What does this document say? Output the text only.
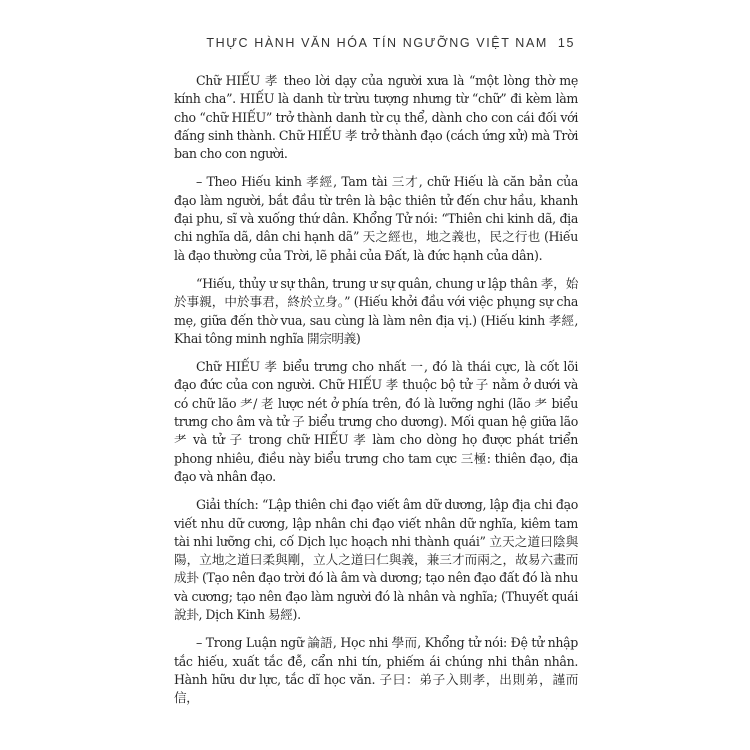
THỰC HÀNH VĂN HÓA TÍN NGƯỠNG VIỆT NAM 15

Chữ HIẾU 孝 theo lời dạy của người xưa là “một lòng thờ mẹ kính cha”. HIẾU là danh từ trừu tượng nhưng từ “chữ” đi kèm làm cho “chữ HIẾU” trở thành danh từ cụ thể, dành cho con cái đối với đấng sinh thành. Chữ HIẾU 孝 trở thành đạo (cách ứng xử) mà Trời ban cho con người.

– Theo Hiếu kinh 孝經, Tam tài 三才, chữ Hiếu là căn bản của đạo làm người, bắt đầu từ trên là bậc thiên tử đến chư hầu, khanh đại phu, sĩ và xuống thứ dân. Khổng Tử nói: “Thiên chi kinh dã, địa chi nghĩa dã, dân chi hạnh dã” 天之經也，地之義也，民之行也 (Hiếu là đạo thường của Trời, lẽ phải của Đất, là đức hạnh của dân).

“Hiếu, thủy ư sự thân, trung ư sự quân, chung ư lập thân 孝，始於事親，中於事君，終於立身。” (Hiếu khởi đầu với việc phụng sự cha mẹ, giữa đến thờ vua, sau cùng là làm nên địa vị.) (Hiếu kinh 孝經, Khai tông minh nghĩa 開宗明義)

Chữ HIẾU 孝 biểu trưng cho nhất 一, đó là thái cực, là cốt lõi đạo đức của con người. Chữ HIẾU 孝 thuộc bộ tử 子 nằm ở dưới và có chữ lão 耂/ 老 lược nét ở phía trên, đó là lưỡng nghi (lão 耂 biểu trưng cho âm và tử 子 biểu trưng cho dương). Mối quan hệ giữa lão 耂 và tử 子 trong chữ HIẾU 孝 làm cho dòng họ được phát triển phong nhiêu, điều này biểu trưng cho tam cực 三極: thiên đạo, địa đạo và nhân đạo.

Giải thích: “Lập thiên chi đạo viết âm dữ dương, lập địa chi đạo viết nhu dữ cương, lập nhân chi đạo viết nhân dữ nghĩa, kiêm tam tài nhi lưỡng chi, cố Dịch lục hoạch nhi thành quái” 立天之道曰陰與陽，立地之道曰柔與剛，立人之道曰仁與義，兼三才而兩之，故易六畫而成卦 (Tạo nên đạo trời đó là âm và dương; tạo nên đạo đất đó là nhu và cương; tạo nên đạo làm người đó là nhân và nghĩa; (Thuyết quái 說卦, Dịch Kinh 易經).

– Trong Luận ngữ 論語, Học nhi 學而, Khổng tử nói: Đệ tử nhập tắc hiếu, xuất tắc đễ, cẩn nhi tín, phiếm ái chúng nhi thân nhân. Hành hữu dư lực, tắc dĩ học văn. 子曰：弟子入則孝，出則弟，謹而信，
